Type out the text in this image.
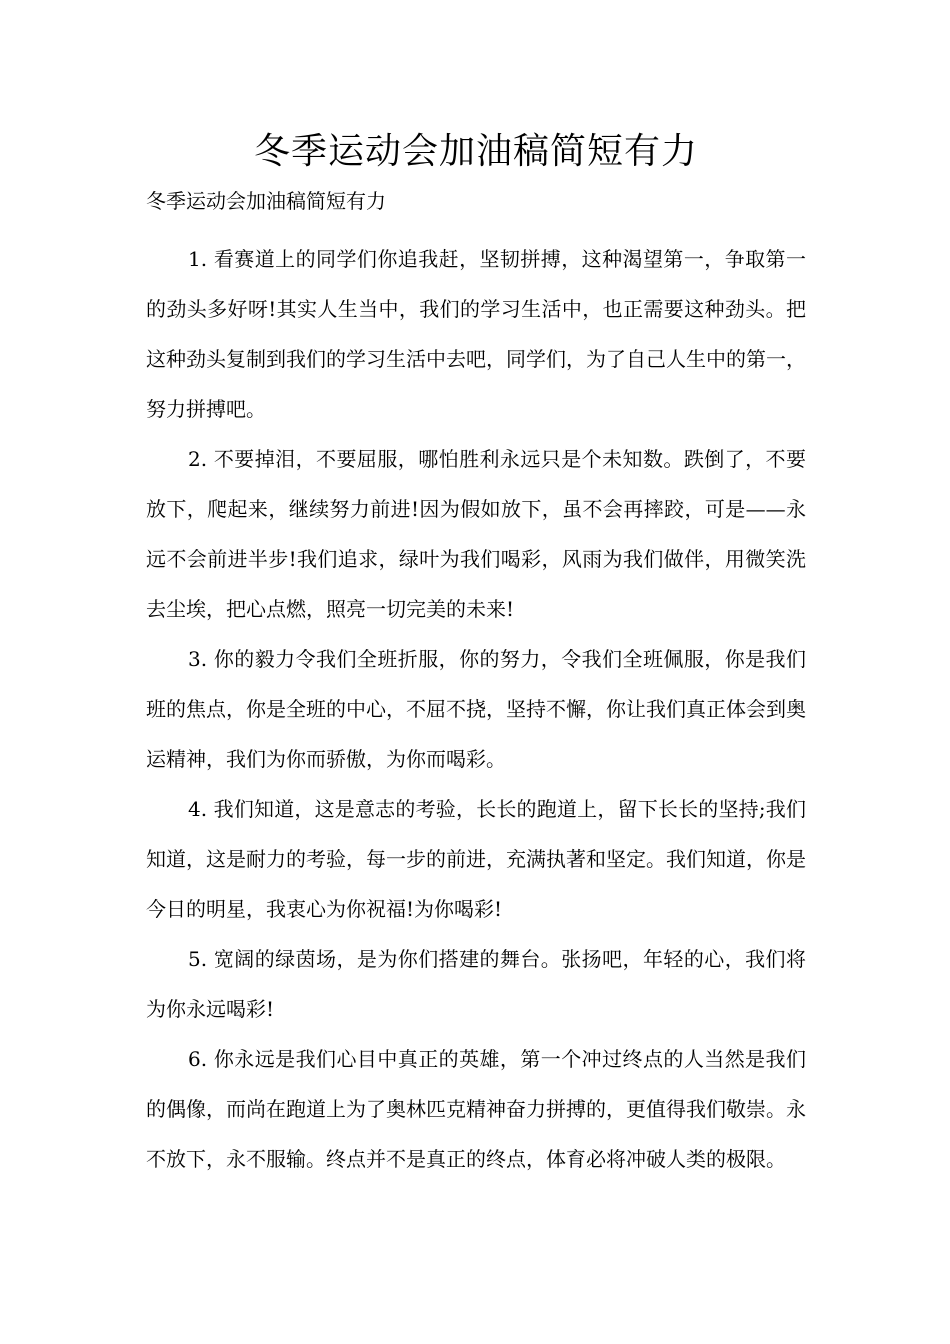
冬季运动会加油稿简短有力

冬季运动会加油稿简短有力

1. 看赛道上的同学们你追我赶，坚韧拼搏，这种渴望第一，争取第一的劲头多好呀!其实人生当中，我们的学习生活中，也正需要这种劲头。把这种劲头复制到我们的学习生活中去吧，同学们，为了自己人生中的第一，努力拼搏吧。

2. 不要掉泪，不要屈服，哪怕胜利永远只是个未知数。跌倒了，不要放下，爬起来，继续努力前进!因为假如放下，虽不会再摔跤，可是——永远不会前进半步!我们追求，绿叶为我们喝彩，风雨为我们做伴，用微笑洗去尘埃，把心点燃，照亮一切完美的未来!

3. 你的毅力令我们全班折服，你的努力，令我们全班佩服，你是我们班的焦点，你是全班的中心，不屈不挠，坚持不懈，你让我们真正体会到奥运精神，我们为你而骄傲，为你而喝彩。

4. 我们知道，这是意志的考验，长长的跑道上，留下长长的坚持;我们知道，这是耐力的考验，每一步的前进，充满执著和坚定。我们知道，你是今日的明星，我衷心为你祝福!为你喝彩!

5. 宽阔的绿茵场，是为你们搭建的舞台。张扬吧，年轻的心，我们将为你永远喝彩!

6. 你永远是我们心目中真正的英雄，第一个冲过终点的人当然是我们的偶像，而尚在跑道上为了奥林匹克精神奋力拼搏的，更值得我们敬崇。永不放下，永不服输。终点并不是真正的终点，体育必将冲破人类的极限。
